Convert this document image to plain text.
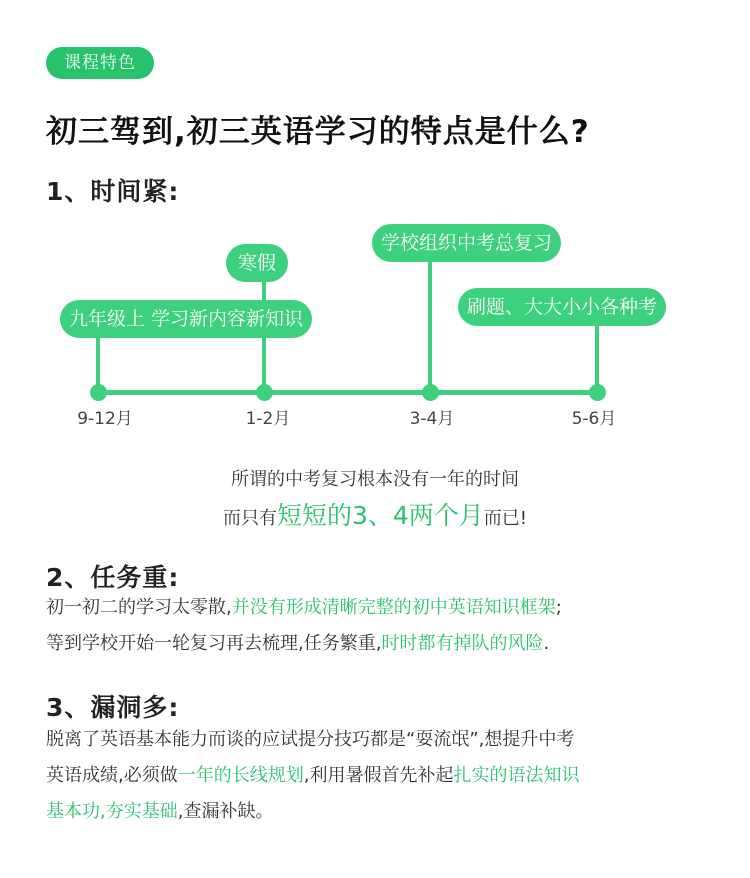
课程特色
初三驾到,初三英语学习的特点是什么?
1、时间紧:
9-12月	1-2月	3-4月	5-6月
九年级上 学习新内容新知识
寒假
学校组织中考总复习
刷题、大大小小各种考
所谓的中考复习根本没有一年的时间
而只有短短的3、4两个月而已!
2、任务重:
初一初二的学习太零散,并没有形成清晰完整的初中英语知识框架;
等到学校开始一轮复习再去梳理,任务繁重,时时都有掉队的风险.
3、漏洞多:
脱离了英语基本能力而谈的应试提分技巧都是“耍流氓”,想提升中考
英语成绩,必须做一年的长线规划,利用暑假首先补起扎实的语法知识
基本功,夯实基础,查漏补缺。
